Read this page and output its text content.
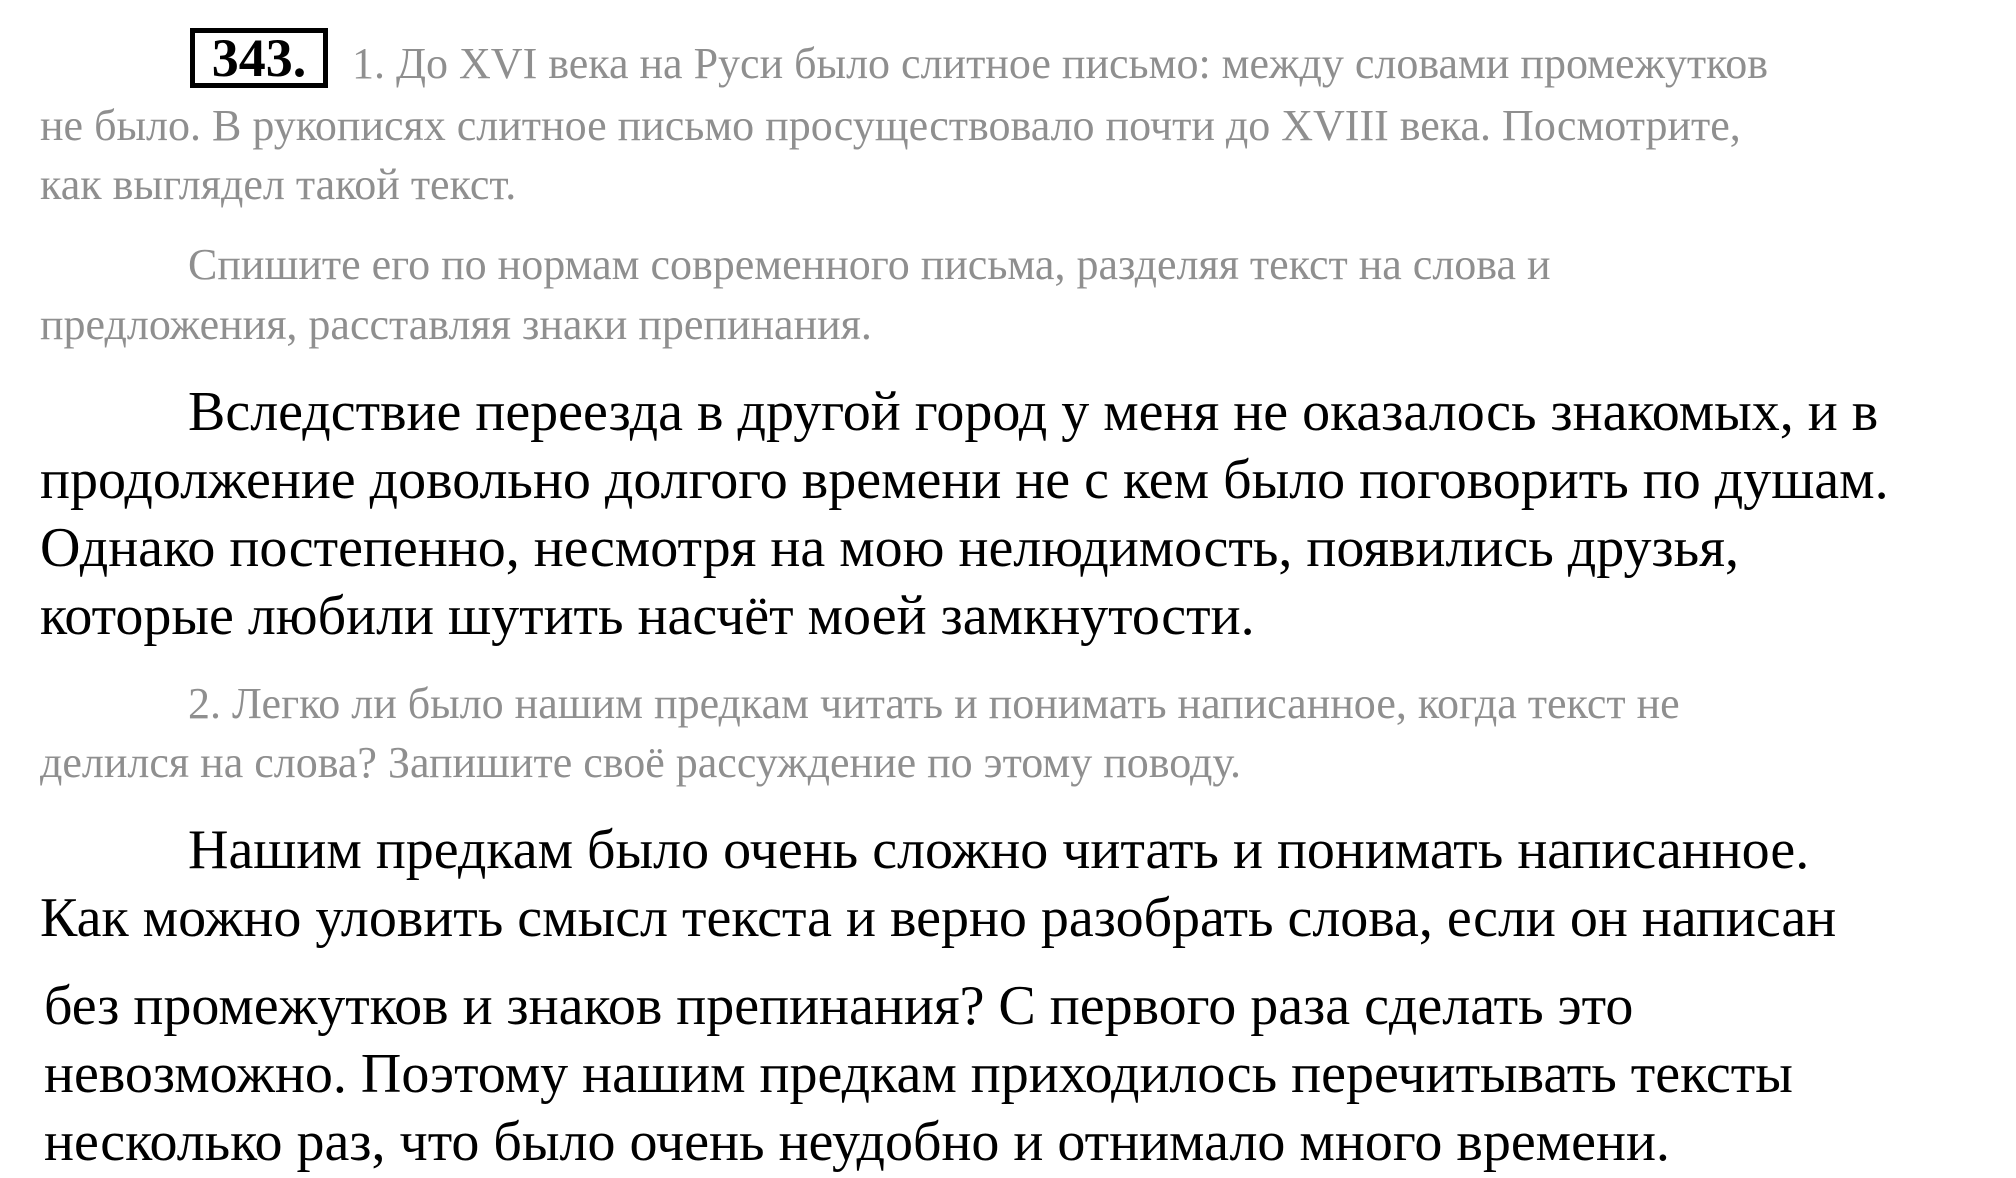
343.	1. До XVI века на Руси было слитное письмо: между словами промежутков
не было. В рукописях слитное письмо просуществовало почти до XVIII века. Посмотрите,
как выглядел такой текст.
Спишите его по нормам современного письма, разделяя текст на слова и
предложения, расставляя знаки препинания.
Вследствие переезда в другой город у меня не оказалось знакомых, и в
продолжение довольно долгого времени не с кем было поговорить по душам.
Однако постепенно, несмотря на мою нелюдимость, появились друзья,
которые любили шутить насчёт моей замкнутости.
2. Легко ли было нашим предкам читать и понимать написанное, когда текст не
делился на слова? Запишите своё рассуждение по этому поводу.
Нашим предкам было очень сложно читать и понимать написанное.
Как можно уловить смысл текста и верно разобрать слова, если он написан
без промежутков и знаков препинания? С первого раза сделать это
невозможно. Поэтому нашим предкам приходилось перечитывать тексты
несколько раз, что было очень неудобно и отнимало много времени.
